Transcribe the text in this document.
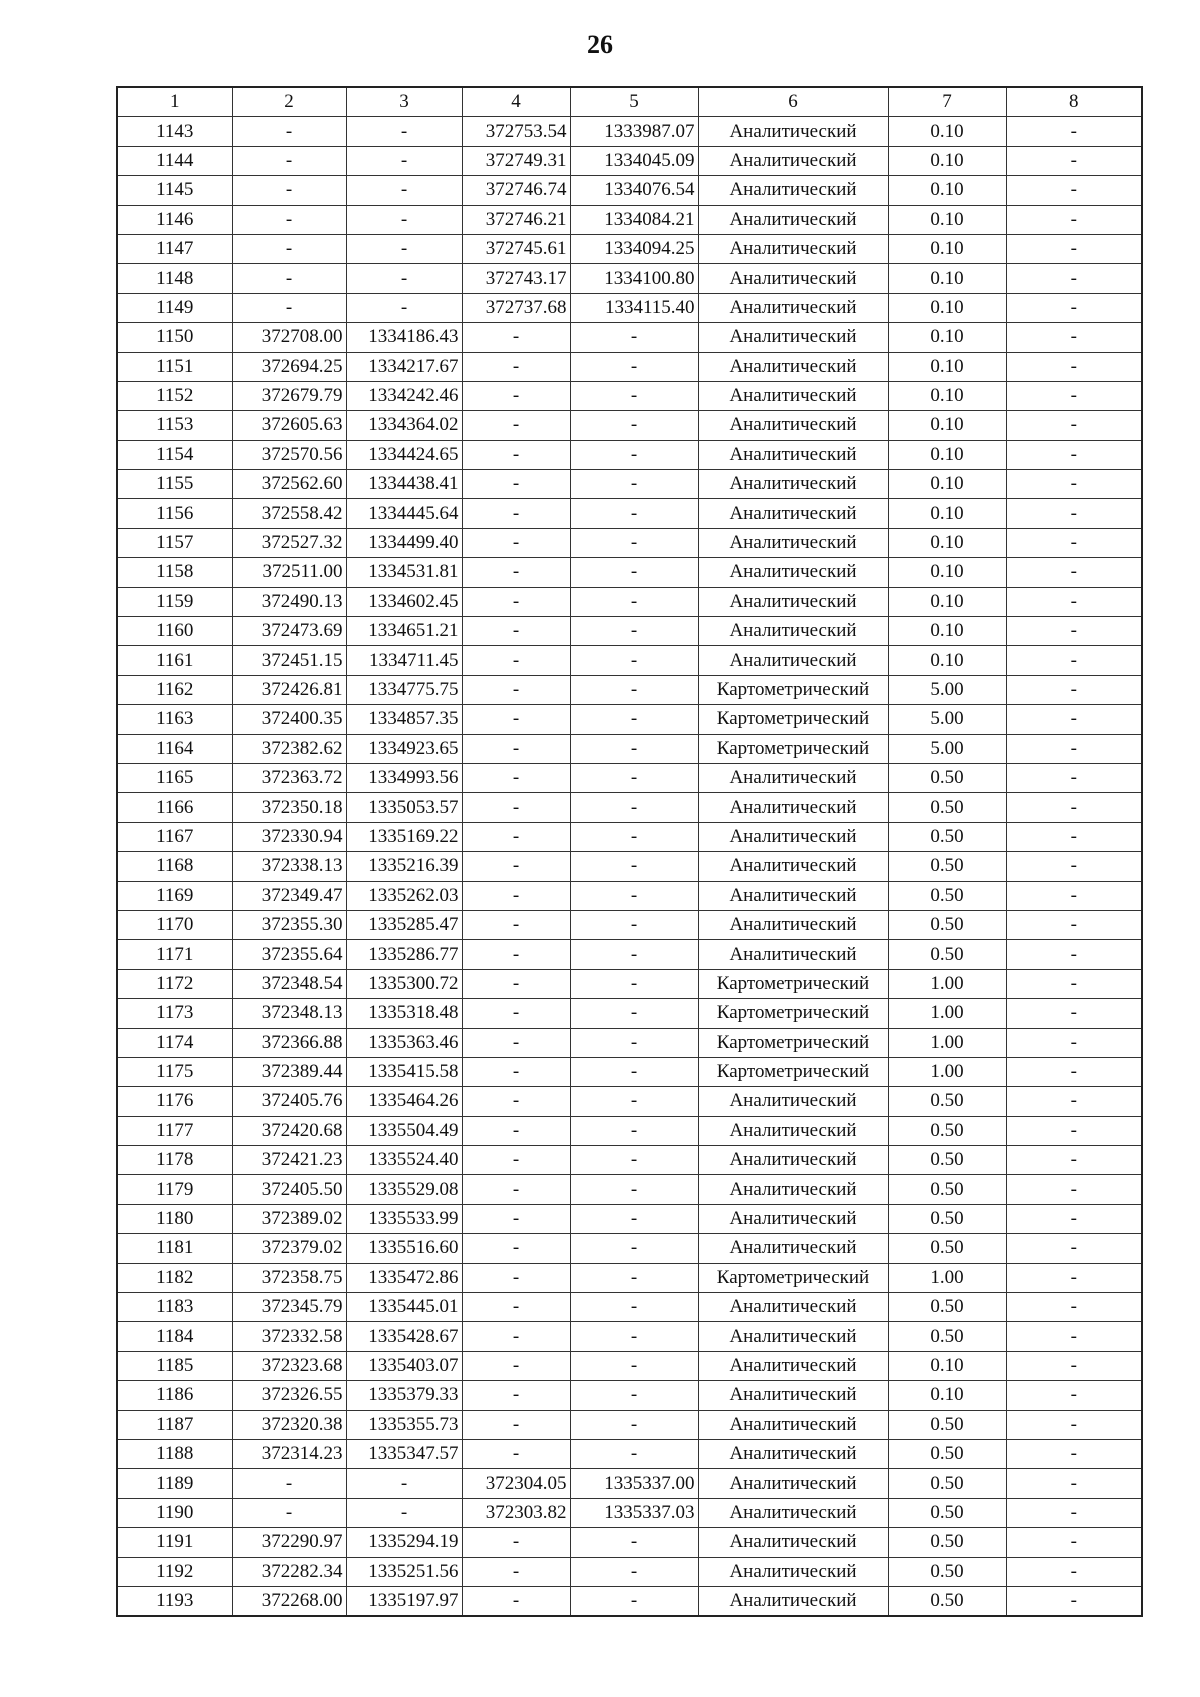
26
1	2	3	4	5	6	7	8
1143	-	-	372753.54	1333987.07	Аналитический	0.10	-
1144	-	-	372749.31	1334045.09	Аналитический	0.10	-
1145	-	-	372746.74	1334076.54	Аналитический	0.10	-
1146	-	-	372746.21	1334084.21	Аналитический	0.10	-
1147	-	-	372745.61	1334094.25	Аналитический	0.10	-
1148	-	-	372743.17	1334100.80	Аналитический	0.10	-
1149	-	-	372737.68	1334115.40	Аналитический	0.10	-
1150	372708.00	1334186.43	-	-	Аналитический	0.10	-
1151	372694.25	1334217.67	-	-	Аналитический	0.10	-
1152	372679.79	1334242.46	-	-	Аналитический	0.10	-
1153	372605.63	1334364.02	-	-	Аналитический	0.10	-
1154	372570.56	1334424.65	-	-	Аналитический	0.10	-
1155	372562.60	1334438.41	-	-	Аналитический	0.10	-
1156	372558.42	1334445.64	-	-	Аналитический	0.10	-
1157	372527.32	1334499.40	-	-	Аналитический	0.10	-
1158	372511.00	1334531.81	-	-	Аналитический	0.10	-
1159	372490.13	1334602.45	-	-	Аналитический	0.10	-
1160	372473.69	1334651.21	-	-	Аналитический	0.10	-
1161	372451.15	1334711.45	-	-	Аналитический	0.10	-
1162	372426.81	1334775.75	-	-	Картометрический	5.00	-
1163	372400.35	1334857.35	-	-	Картометрический	5.00	-
1164	372382.62	1334923.65	-	-	Картометрический	5.00	-
1165	372363.72	1334993.56	-	-	Аналитический	0.50	-
1166	372350.18	1335053.57	-	-	Аналитический	0.50	-
1167	372330.94	1335169.22	-	-	Аналитический	0.50	-
1168	372338.13	1335216.39	-	-	Аналитический	0.50	-
1169	372349.47	1335262.03	-	-	Аналитический	0.50	-
1170	372355.30	1335285.47	-	-	Аналитический	0.50	-
1171	372355.64	1335286.77	-	-	Аналитический	0.50	-
1172	372348.54	1335300.72	-	-	Картометрический	1.00	-
1173	372348.13	1335318.48	-	-	Картометрический	1.00	-
1174	372366.88	1335363.46	-	-	Картометрический	1.00	-
1175	372389.44	1335415.58	-	-	Картометрический	1.00	-
1176	372405.76	1335464.26	-	-	Аналитический	0.50	-
1177	372420.68	1335504.49	-	-	Аналитический	0.50	-
1178	372421.23	1335524.40	-	-	Аналитический	0.50	-
1179	372405.50	1335529.08	-	-	Аналитический	0.50	-
1180	372389.02	1335533.99	-	-	Аналитический	0.50	-
1181	372379.02	1335516.60	-	-	Аналитический	0.50	-
1182	372358.75	1335472.86	-	-	Картометрический	1.00	-
1183	372345.79	1335445.01	-	-	Аналитический	0.50	-
1184	372332.58	1335428.67	-	-	Аналитический	0.50	-
1185	372323.68	1335403.07	-	-	Аналитический	0.10	-
1186	372326.55	1335379.33	-	-	Аналитический	0.10	-
1187	372320.38	1335355.73	-	-	Аналитический	0.50	-
1188	372314.23	1335347.57	-	-	Аналитический	0.50	-
1189	-	-	372304.05	1335337.00	Аналитический	0.50	-
1190	-	-	372303.82	1335337.03	Аналитический	0.50	-
1191	372290.97	1335294.19	-	-	Аналитический	0.50	-
1192	372282.34	1335251.56	-	-	Аналитический	0.50	-
1193	372268.00	1335197.97	-	-	Аналитический	0.50	-
